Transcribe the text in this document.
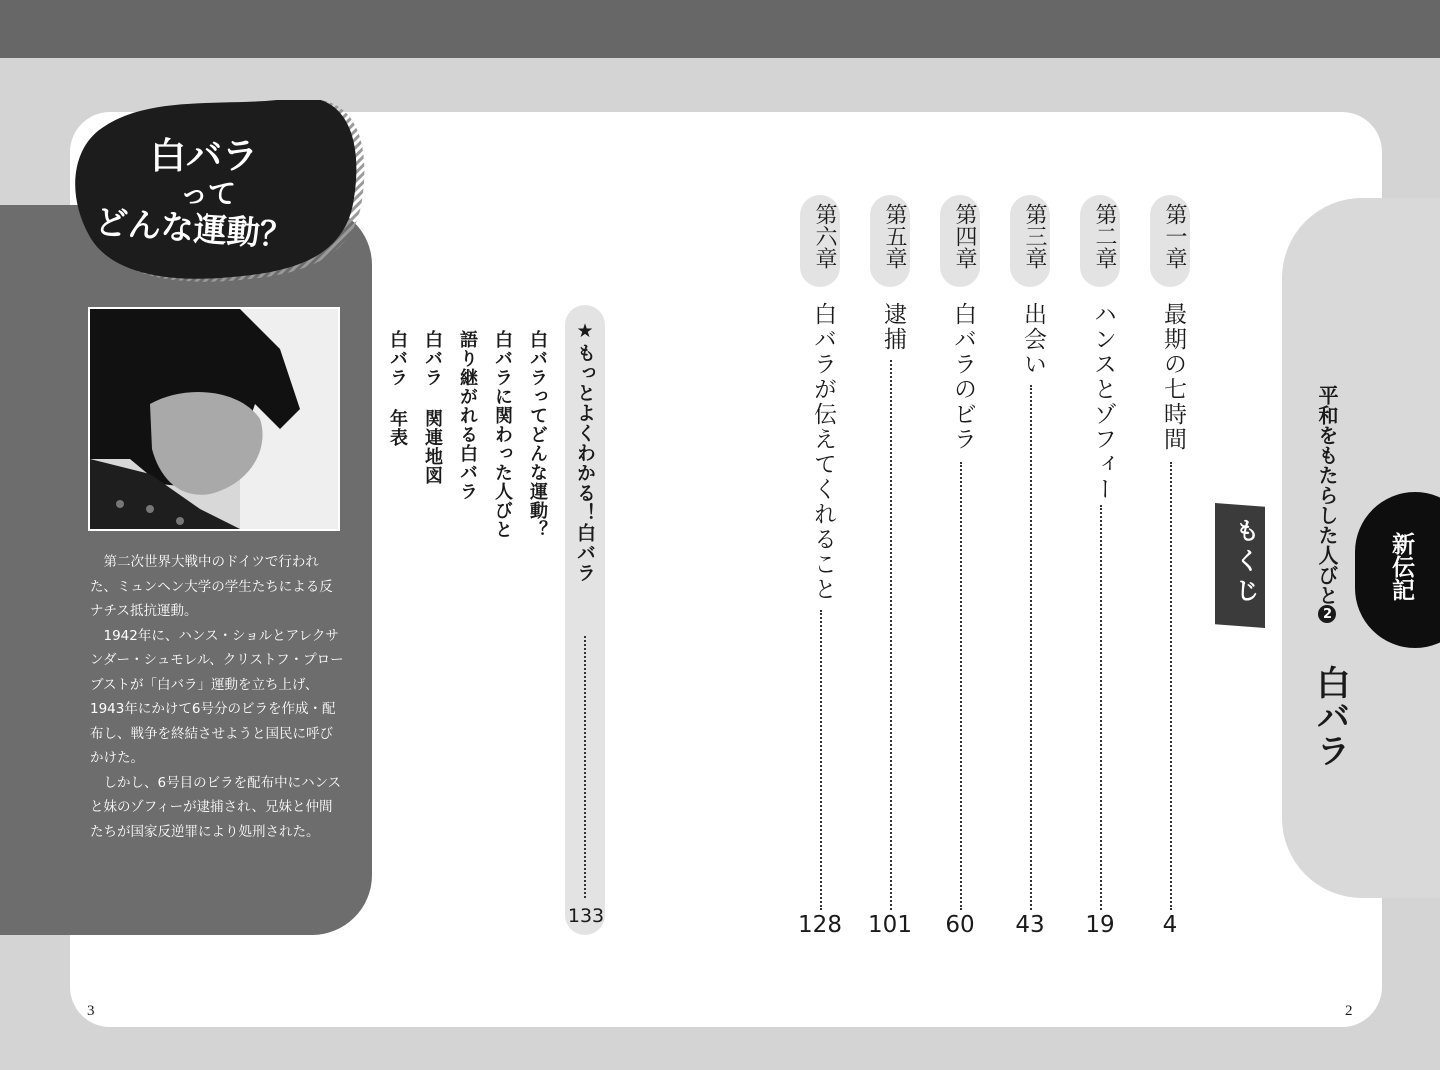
白バラ
って
どんな運動？

第二次世界大戦中のドイツで行われた、ミュンヘン大学の学生たちによる反ナチス抵抗運動。

1942年に、ハンス・ショルとアレクサンダー・シュモレル、クリストフ・プローブストが「白バラ」運動を立ち上げ、1943年にかけて6号分のビラを作成・配布し、戦争を終結させようと国民に呼びかけた。

しかし、6号目のビラを配布中にハンスと妹のゾフィーが逮捕され、兄妹と仲間たちが国家反逆罪により処刑された。

★もっとよくわかる！白バラ
133
白バラってどんな運動？
白バラに関わった人びと
語り継がれる白バラ
白バラ 関連地図
白バラ 年表
3
平和をもたらした人びと2
白バラ
新伝記
もくじ
第一章
最期の七時間
4
第二章
ハンスとゾフィー
19
第三章
出会い
43
第四章
白バラのビラ
60
第五章
逮捕
101
第六章
白バラが伝えてくれること
128
2
